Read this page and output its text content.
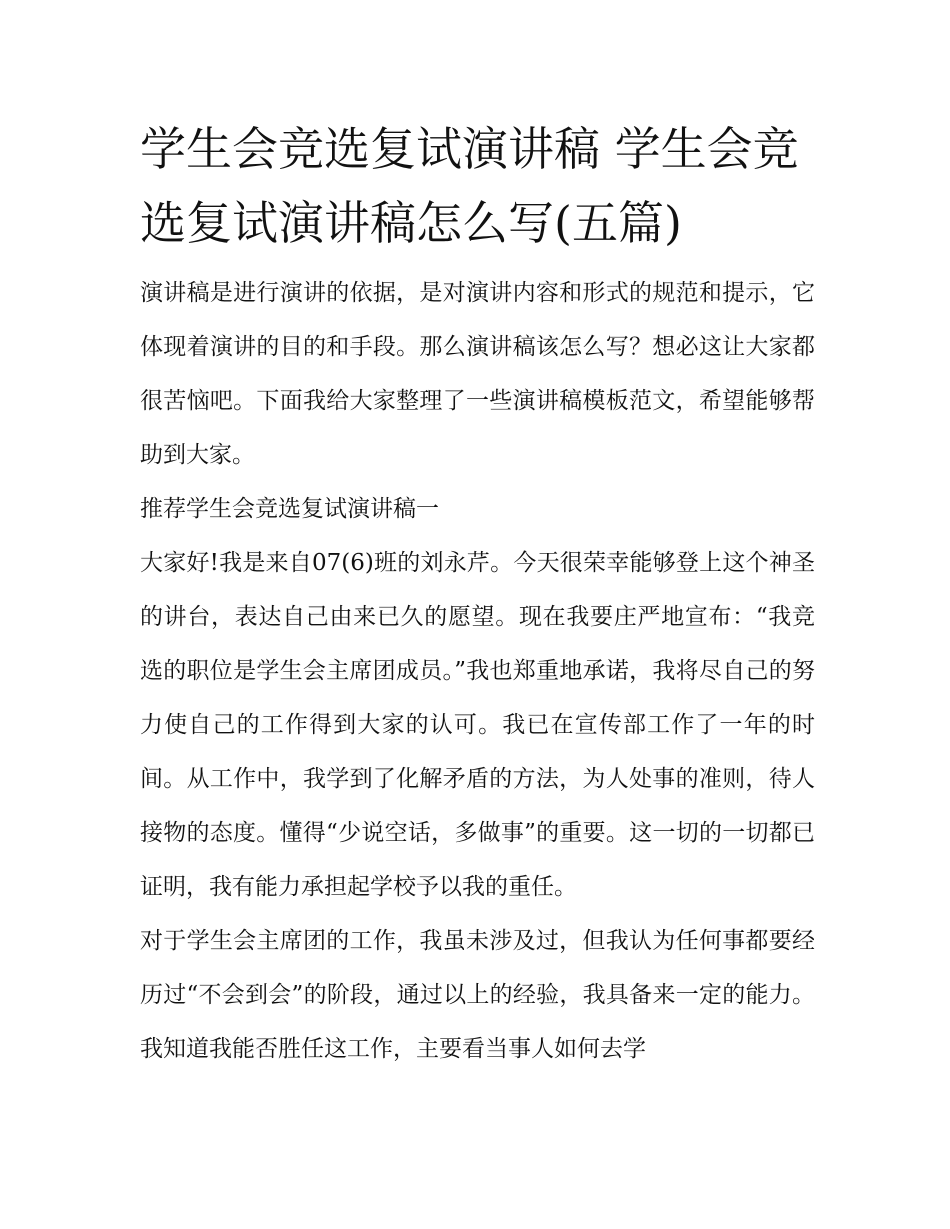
学生会竞选复试演讲稿 学生会竞选复试演讲稿怎么写(五篇)

演讲稿是进行演讲的依据，是对演讲内容和形式的规范和提示，它体现着演讲的目的和手段。那么演讲稿该怎么写？想必这让大家都很苦恼吧。下面我给大家整理了一些演讲稿模板范文，希望能够帮助到大家。

推荐学生会竞选复试演讲稿一

大家好!我是来自07(6)班的刘永芹。今天很荣幸能够登上这个神圣的讲台，表达自己由来已久的愿望。现在我要庄严地宣布：“我竞选的职位是学生会主席团成员。”我也郑重地承诺，我将尽自己的努力使自己的工作得到大家的认可。我已在宣传部工作了一年的时间。从工作中，我学到了化解矛盾的方法，为人处事的准则，待人接物的态度。懂得“少说空话，多做事”的重要。这一切的一切都已证明，我有能力承担起学校予以我的重任。

对于学生会主席团的工作，我虽未涉及过，但我认为任何事都要经历过“不会到会”的阶段，通过以上的经验，我具备来一定的能力。我知道我能否胜任这工作，主要看当事人如何去学
